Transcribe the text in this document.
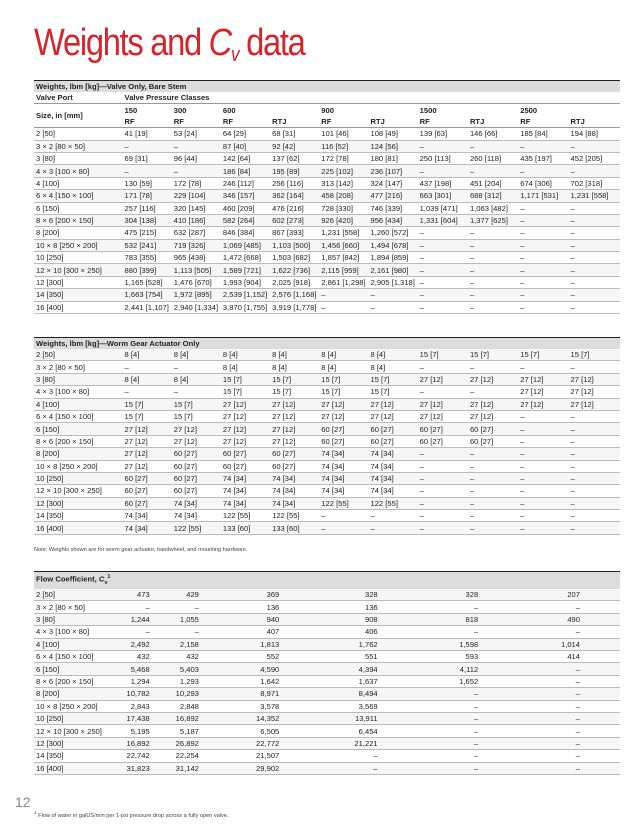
Weights and $C_v$ data
Weights, lbm [kg]—Valve Only, Bare Stem										
Valve Port	Valve Pressure Classes									
Size, in [mm]	150	300	600		900		1500		2500	
	RF	RF	RF	RTJ	RF	RTJ	RF	RTJ	RF	RTJ
2 [50]	41 [19]	53 [24]	64 [29]	68 [31]	101 [46]	108 [49]	139 [63]	146 [66]	185 [84]	194 [88]
3 × 2 [80 × 50]	–	–	87 [40]	92 [42]	116 [52]	124 [56]	–	–	–	–
3 [80]	69 [31]	96 [44]	142 [64]	137 [62]	172 [78]	180 [81]	250 [113]	260 [118]	435 [197]	452 [205]
4 × 3 [100 × 80]	–	–	186 [84]	195 [89]	225 [102]	236 [107]	–	–	–	–
4 [100]	130 [59]	172 [78]	246 [112]	256 [116]	313 [142]	324 [147]	437 [198]	451 [204]	674 [306]	702 [318]
6 × 4 [150 × 100]	171 [78]	229 [104]	346 [157]	362 [164]	458 [208]	477 [216]	663 [301]	688 [312]	1,171 [531]	1,231 [558]
6 [150]	257 [116]	320 [145]	460 [209]	476 [216]	728 [330]	746 [339]	1,039 [471]	1,063 [482]	–	–
8 × 6 [200 × 150]	304 [138]	410 [186]	582 [264]	602 [273]	926 [420]	956 [434]	1,331 [604]	1,377 [625]	–	–
8 [200]	475 [215]	632 [287]	846 [384]	867 [393]	1,231 [558]	1,260 [572]	–	–	–	–
10 × 8 [250 × 200]	532 [241]	719 [326]	1,069 [485]	1,103 [500]	1,456 [660]	1,494 [678]	–	–	–	–
10 [250]	783 [355]	965 [438]	1,472 [668]	1,503 [682]	1,857 [842]	1,894 [859]	–	–	–	–
12 × 10 [300 × 250]	880 [399]	1,113 [505]	1,589 [721]	1,622 [736]	2,115 [959]	2,161 [980]	–	–	–	–
12 [300]	1,165 [528]	1,476 [670]	1,993 [904]	2,025 [918]	2,861 [1,298]	2,905 [1,318]	–	–	–	–
14 [350]	1,663 [754]	1,972 [895]	2,539 [1,152]	2,576 [1,168]	–	–	–	–	–	–
16 [400]	2,441 [1,107]	2,940 [1,334]	3,870 [1,755]	3,919 [1,778]	–	–	–	–	–	–
Weights, lbm [kg]—Worm Gear Actuator Only										
2 [50]	8 [4]	8 [4]	8 [4]	8 [4]	8 [4]	8 [4]	15 [7]	15 [7]	15 [7]	15 [7]
3 × 2 [80 × 50]	–	–	8 [4]	8 [4]	8 [4]	8 [4]	–	–	–	–
3 [80]	8 [4]	8 [4]	15 [7]	15 [7]	15 [7]	15 [7]	27 [12]	27 [12]	27 [12]	27 [12]
4 × 3 [100 × 80]	–	–	15 [7]	15 [7]	15 [7]	15 [7]	–	–	27 [12]	27 [12]
4 [100]	15 [7]	15 [7]	27 [12]	27 [12]	27 [12]	27 [12]	27 [12]	27 [12]	27 [12]	27 [12]
6 × 4 [150 × 100]	15 [7]	15 [7]	27 [12]	27 [12]	27 [12]	27 [12]	27 [12]	27 [12]	–	–
6 [150]	27 [12]	27 [12]	27 [12]	27 [12]	60 [27]	60 [27]	60 [27]	60 [27]	–	–
8 × 6 [200 × 150]	27 [12]	27 [12]	27 [12]	27 [12]	60 [27]	60 [27]	60 [27]	60 [27]	–	–
8 [200]	27 [12]	60 [27]	60 [27]	60 [27]	74 [34]	74 [34]	–	–	–	–
10 × 8 [250 × 200]	27 [12]	60 [27]	60 [27]	60 [27]	74 [34]	74 [34]	–	–	–	–
10 [250]	60 [27]	60 [27]	74 [34]	74 [34]	74 [34]	74 [34]	–	–	–	–
12 × 10 [300 × 250]	60 [27]	60 [27]	74 [34]	74 [34]	74 [34]	74 [34]	–	–	–	–
12 [300]	60 [27]	74 [34]	74 [34]	74 [34]	122 [55]	122 [55]	–	–	–	–
14 [350]	74 [34]	74 [34]	122 [55]	122 [55]	–	–	–	–	–	–
16 [400]	74 [34]	122 [55]	133 [60]	133 [60]	–	–	–	–	–	–
Note: Weights shown are for worm gear actuator, handwheel, and mounting hardware.
Flow Coefficient, $C_v^1$
2 [50]	473	429	369	328	328	207
3 × 2 [80 × 50]	–	–	136	136	–	–
3 [80]	1,244	1,055	940	908	818	490
4 × 3 [100 × 80]	–	–	407	406	–	–
4 [100]	2,492	2,158	1,813	1,762	1,598	1,014
6 × 4 [150 × 100]	432	432	552	551	593	414
6 [150]	5,468	5,403	4,590	4,394	4,112	–
8 × 6 [200 × 150]	1,294	1,293	1,642	1,637	1,652	–
8 [200]	10,782	10,293	8,971	8,494	–	–
10 × 8 [250 × 200]	2,843	2,848	3,578	3,569	–	–
10 [250]	17,438	16,892	14,352	13,911	–	–
12 × 10 [300 × 250]	5,195	5,187	6,505	6,454	–	–
12 [300]	16,892	26,892	22,772	21,221	–	–
14 [350]	22,742	22,254	21,507	–	–	–
16 [400]	31,823	31,142	29,902	–	–	–
$^1$ Flow of water in galUS/min per 1-psi pressure drop across a fully open valve.
12
